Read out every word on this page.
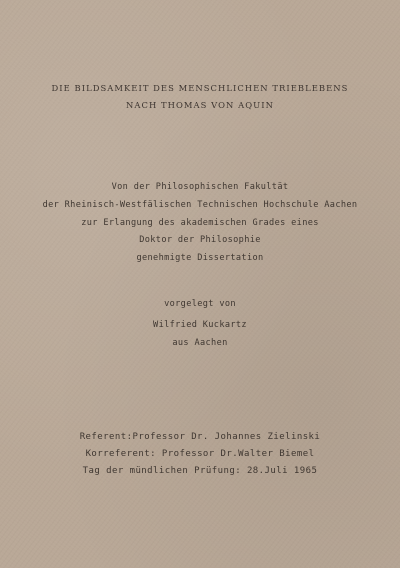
DIE BILDSAMKEIT DES MENSCHLICHEN TRIEBLEBENS
NACH THOMAS VON AQUIN
Von der Philosophischen Fakultät
der Rheinisch-Westfälischen Technischen Hochschule Aachen
zur Erlangung des akademischen Grades eines
Doktor der Philosophie
genehmigte Dissertation
vorgelegt von
Wilfried Kuckartz
aus Aachen
Referent:Professor Dr. Johannes Zielinski
Korreferent: Professor Dr.Walter Biemel
Tag der mündlichen Prüfung: 28.Juli 1965
